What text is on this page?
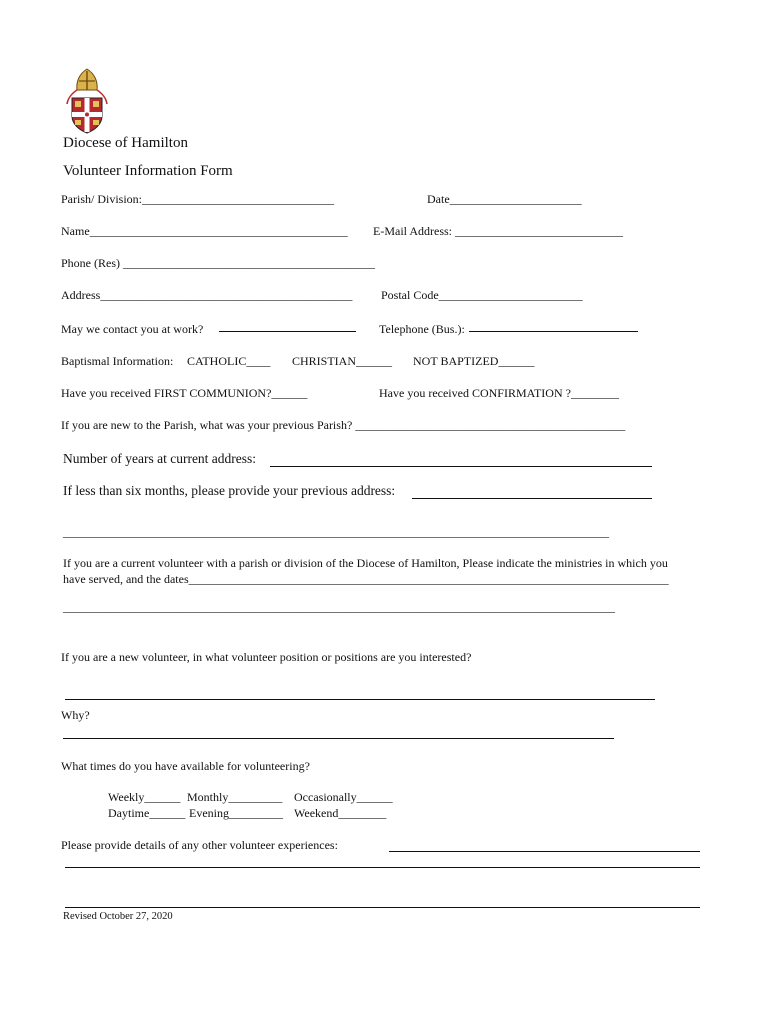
Diocese of Hamilton
Volunteer Information Form
Parish/ Division:________________________________	Date______________________
Name___________________________________________ E-Mail Address: ____________________________
Phone (Res) __________________________________________
Address__________________________________________ Postal Code________________________
May we contact you at work?	Telephone (Bus.):
Baptismal Information: CATHOLIC____ CHRISTIAN______ NOT BAPTIZED______
Have you received FIRST COMMUNION?______	Have you received CONFIRMATION ?________
If you are new to the Parish, what was your previous Parish? _____________________________________________
Number of years at current address:
If less than six months, please provide your previous address:
___________________________________________________________________________________________
If you are a current volunteer with a parish or division of the Diocese of Hamilton, Please indicate the ministries in which you
have served, and the dates________________________________________________________________________________
____________________________________________________________________________________________
If you are a new volunteer, in what volunteer position or positions are you interested?
Why?
What times do you have available for volunteering?
Weekly______ Monthly_________ Occasionally______
Daytime______ Evening_________ Weekend________
Please provide details of any other volunteer experiences:
Revised October 27, 2020
